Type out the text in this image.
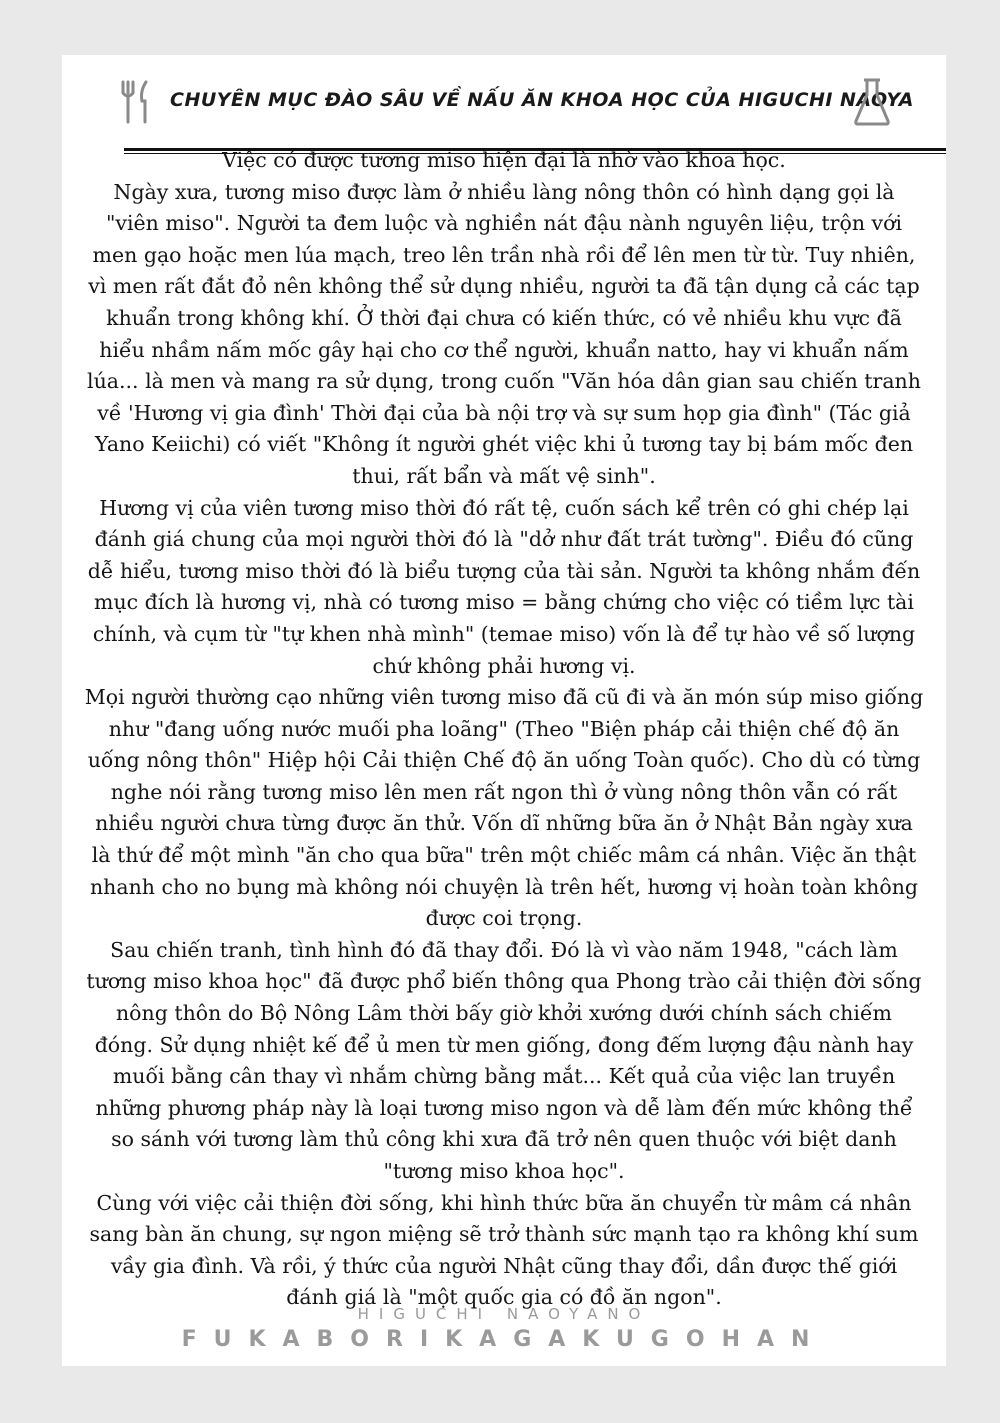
CHUYÊN MỤC ĐÀO SÂU VỀ NẤU ĂN KHOA HỌC CỦA HIGUCHI NAOYA

Việc có được tương miso hiện đại là nhờ vào khoa học.

Ngày xưa, tương miso được làm ở nhiều làng nông thôn có hình dạng gọi là "viên miso". Người ta đem luộc và nghiền nát đậu nành nguyên liệu, trộn với men gạo hoặc men lúa mạch, treo lên trần nhà rồi để lên men từ từ. Tuy nhiên, vì men rất đắt đỏ nên không thể sử dụng nhiều, người ta đã tận dụng cả các tạp khuẩn trong không khí. Ở thời đại chưa có kiến thức, có vẻ nhiều khu vực đã hiểu nhầm nấm mốc gây hại cho cơ thể người, khuẩn natto, hay vi khuẩn nấm lúa... là men và mang ra sử dụng, trong cuốn "Văn hóa dân gian sau chiến tranh về 'Hương vị gia đình' Thời đại của bà nội trợ và sự sum họp gia đình" (Tác giả Yano Keiichi) có viết "Không ít người ghét việc khi ủ tương tay bị bám mốc đen thui, rất bẩn và mất vệ sinh".

Hương vị của viên tương miso thời đó rất tệ, cuốn sách kể trên có ghi chép lại đánh giá chung của mọi người thời đó là "dở như đất trát tường". Điều đó cũng dễ hiểu, tương miso thời đó là biểu tượng của tài sản. Người ta không nhắm đến mục đích là hương vị, nhà có tương miso = bằng chứng cho việc có tiềm lực tài chính, và cụm từ "tự khen nhà mình" (temae miso) vốn là để tự hào về số lượng chứ không phải hương vị.

Mọi người thường cạo những viên tương miso đã cũ đi và ăn món súp miso giống như "đang uống nước muối pha loãng" (Theo "Biện pháp cải thiện chế độ ăn uống nông thôn" Hiệp hội Cải thiện Chế độ ăn uống Toàn quốc). Cho dù có từng nghe nói rằng tương miso lên men rất ngon thì ở vùng nông thôn vẫn có rất nhiều người chưa từng được ăn thử. Vốn dĩ những bữa ăn ở Nhật Bản ngày xưa là thứ để một mình "ăn cho qua bữa" trên một chiếc mâm cá nhân. Việc ăn thật nhanh cho no bụng mà không nói chuyện là trên hết, hương vị hoàn toàn không được coi trọng.

Sau chiến tranh, tình hình đó đã thay đổi. Đó là vì vào năm 1948, "cách làm tương miso khoa học" đã được phổ biến thông qua Phong trào cải thiện đời sống nông thôn do Bộ Nông Lâm thời bấy giờ khởi xướng dưới chính sách chiếm đóng. Sử dụng nhiệt kế để ủ men từ men giống, đong đếm lượng đậu nành hay muối bằng cân thay vì nhắm chừng bằng mắt... Kết quả của việc lan truyền những phương pháp này là loại tương miso ngon và dễ làm đến mức không thể so sánh với tương làm thủ công khi xưa đã trở nên quen thuộc với biệt danh "tương miso khoa học".

Cùng với việc cải thiện đời sống, khi hình thức bữa ăn chuyển từ mâm cá nhân sang bàn ăn chung, sự ngon miệng sẽ trở thành sức mạnh tạo ra không khí sum vầy gia đình. Và rồi, ý thức của người Nhật cũng thay đổi, dần được thế giới đánh giá là "một quốc gia có đồ ăn ngon".

HIGUCHI NAOYANO
FUKABORIKAGAKUGOHAN
